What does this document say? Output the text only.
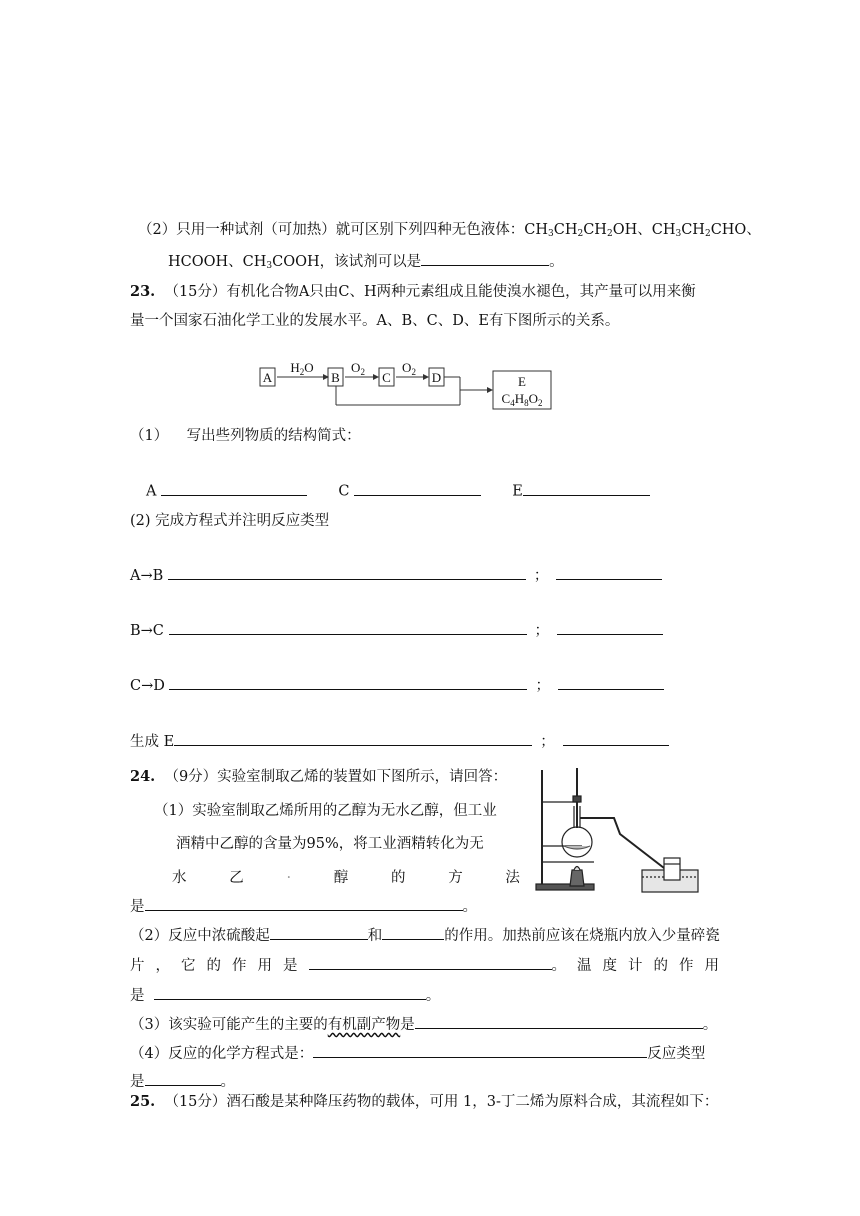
（2）只用一种试剂（可加热）就可区别下列四种无色液体：$CH_3CH_2CH_2OH$、$CH_3CH_2CHO$、
HCOOH、$CH_3COOH$，该试剂可以是	。
23. （15分）有机化合物A只由C、H两种元素组成且能使溴水褪色，其产量可以用来衡
量一个国家石油化学工业的发展水平。A、B、C、D、E有下图所示的关系。
A
$H_2O$
B
$O_2$ C
$O_2$ D	E
$C_4H_8O_2$
（1） 写出些列物质的结构简式：
A	C	E
(2) 完成方程式并注明反应类型
A→B	；
B→C	；
C→D	；
生成 E	；
24. （9分）实验室制取乙烯的装置如下图所示，请回答：
（1）实验室制取乙烯所用的乙醇为无水乙醇，但工业
酒精中乙醇的含量为95%，将工业酒精转化为无
水	乙	.	醇	的	方	法
是	。
（2）反应中浓硫酸起	和	的作用。加热前应该在烧瓶内放入少量碎瓷
片，它的作用是	。温度计的作用
是	。
（3）该实验可能产生的主要的有机副产物是	。
（4）反应的化学方程式是：	反应类型
是	。
25. （15分）酒石酸是某种降压药物的载体，可用 1，3-丁二烯为原料合成，其流程如下：
